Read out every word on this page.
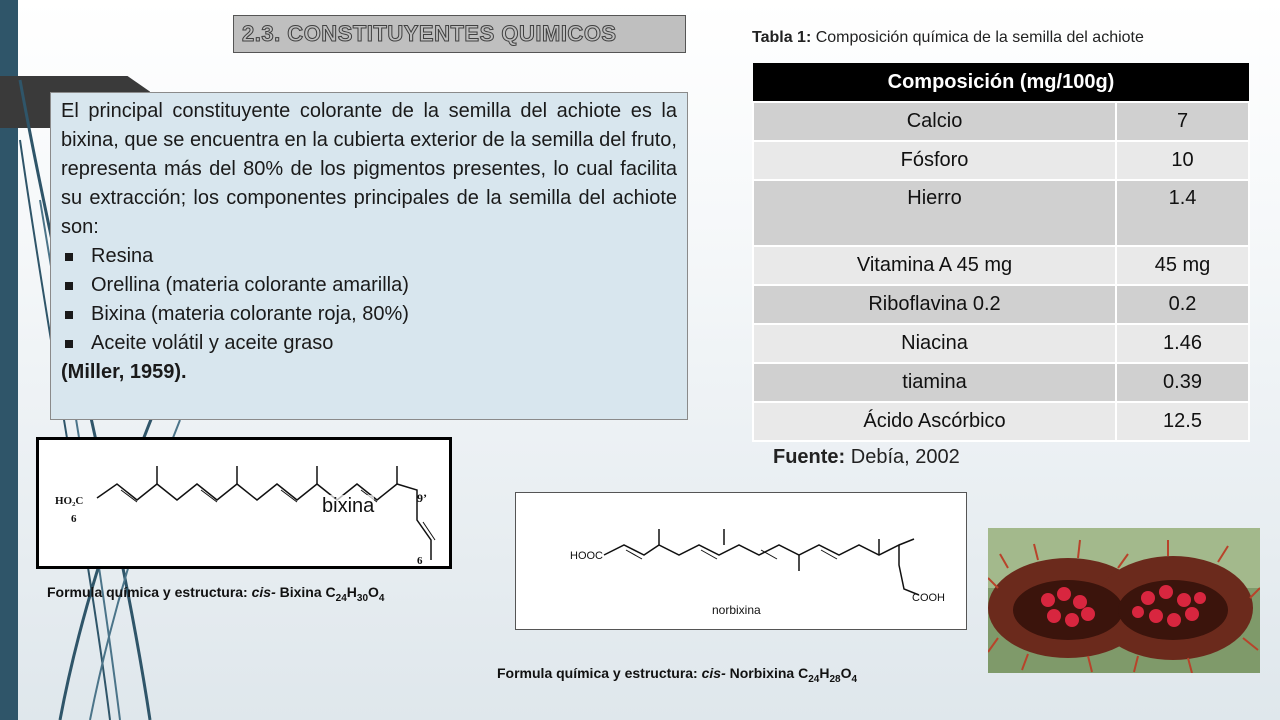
2.3. CONSTITUYENTES QUIMICOS

El principal constituyente colorante de la semilla del achiote es la bixina, que se encuentra en la cubierta exterior de la semilla del fruto, representa más del 80% de los pigmentos presentes, lo cual facilita su extracción; los componentes principales de la semilla del achiote son:

Resina
Orellina (materia colorante amarilla)
Bixina (materia colorante roja, 80%)
Aceite volátil y aceite graso
(Miller, 1959).
Tabla 1: Composición química de la semilla del achiote
Composición (mg/100g)	
Calcio	7
Fósforo	10
Hierro	1.4
Vitamina A 45 mg	45 mg
Riboflavina 0.2	0.2
Niacina	1.46
tiamina	0.39
Ácido Ascórbico	12.5
Fuente: Debía, 2002
HO₂C
6
9’
6
bixina
Formula química y estructura: cis- Bixina $C_{24}H_{30}O_4$
HOOC
COOH
norbixina
Formula química y estructura: cis- Norbixina $C_{24}H_{28}O_4$
